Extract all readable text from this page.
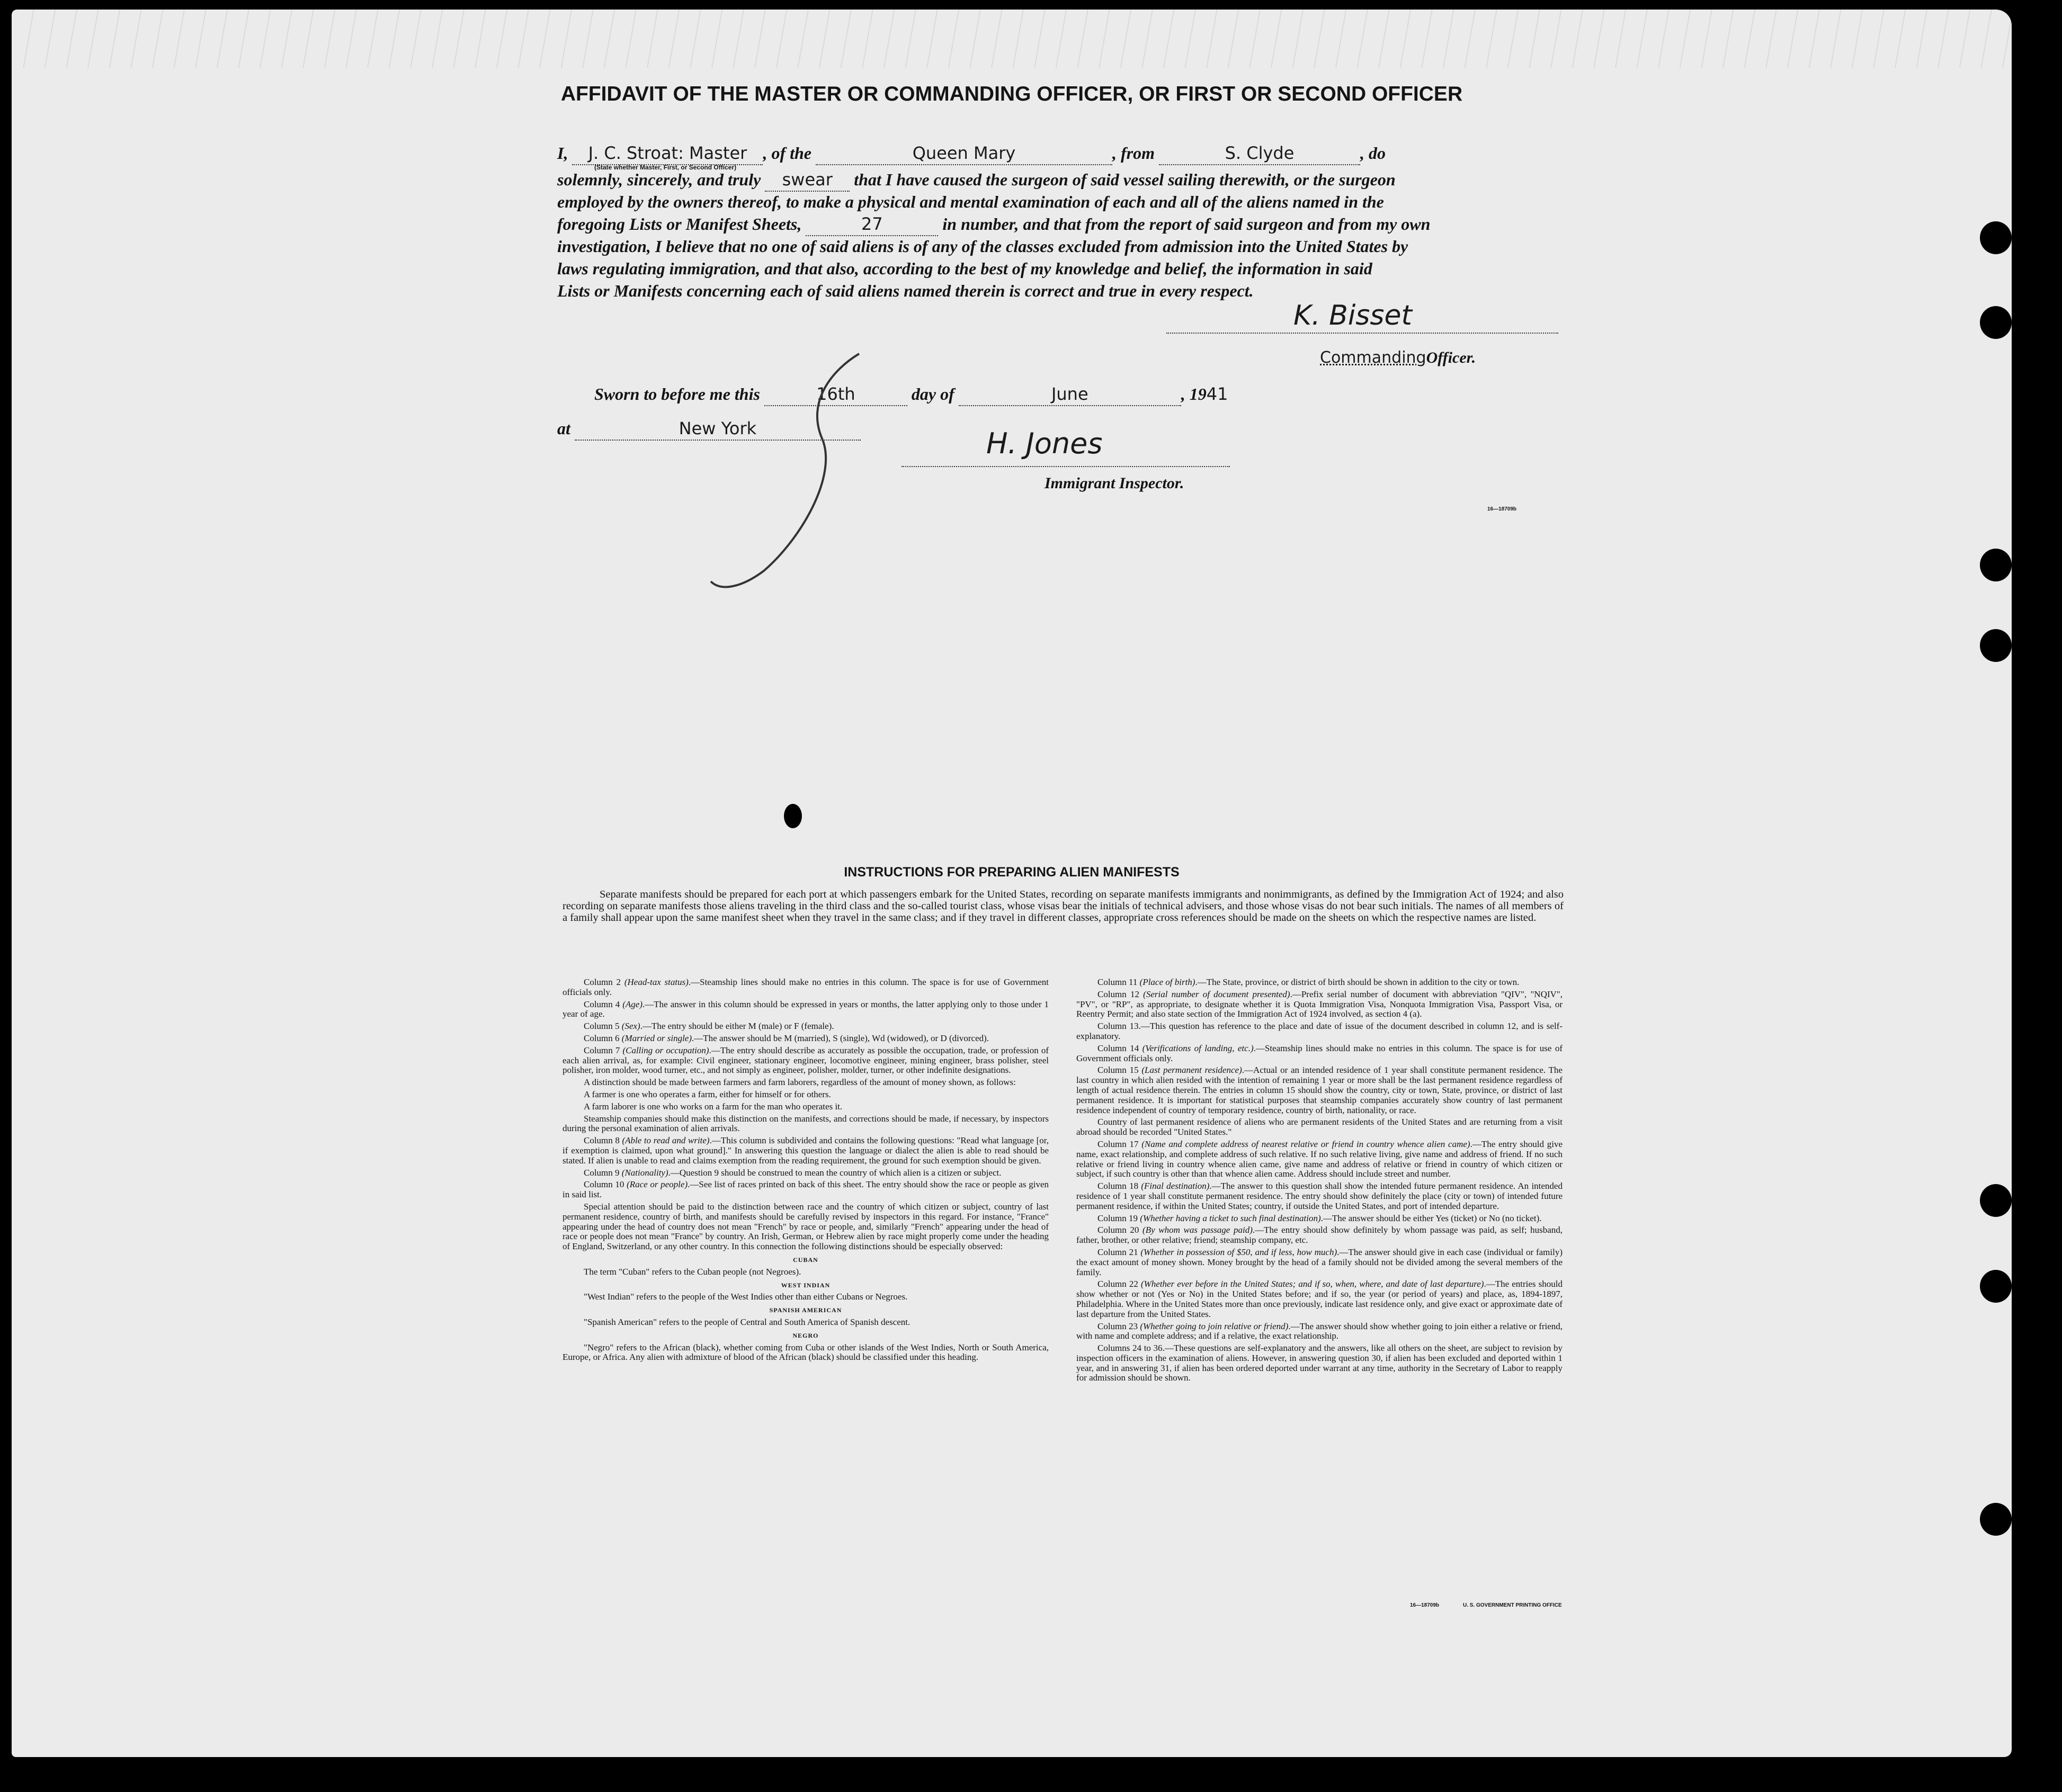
AFFIDAVIT OF THE MASTER OR COMMANDING OFFICER, OR FIRST OR SECOND OFFICER
I, J. C. Stroat: Master , of the	Queen Mary	, from	S. Clyde	, do
(State whether Master, First, or Second Officer)
solemnly, sincerely, and truly swear that I have caused the surgeon of said vessel sailing therewith, or the surgeon
employed by the owners thereof, to make a physical and mental examination of each and all of the aliens named in the
foregoing Lists or Manifest Sheets,	27	in number, and that from the report of said surgeon and from my own
investigation, I believe that no one of said aliens is of any of the classes excluded from admission into the United States by
laws regulating immigration, and that also, according to the best of my knowledge and belief, the information in said
Lists or Manifests concerning each of said aliens named therein is correct and true in every respect.
K. Bisset
CommandingOfficer.
Sworn to before me this	16th	day of	June	, 1941
at	New York	H. Jones
Immigrant Inspector.
16—18709b
INSTRUCTIONS FOR PREPARING ALIEN MANIFESTS
Separate manifests should be prepared for each port at which passengers embark for the United States, recording on separate manifests immigrants and nonimmigrants, as defined by the Immigration Act of 1924; and also recording on separate manifests those aliens traveling in the third class and the so-called tourist class, whose visas bear the initials of technical advisers, and those whose visas do not bear such initials. The names of all members of a family shall appear upon the same manifest sheet when they travel in the same class; and if they travel in different classes, appropriate cross references should be made on the sheets on which the respective names are listed.

Column 2 (Head-tax status).—Steamship lines should make no entries in this column. The space is for use of Government officials only.

Column 4 (Age).—The answer in this column should be expressed in years or months, the latter applying only to those under 1 year of age.

Column 5 (Sex).—The entry should be either M (male) or F (female).

Column 6 (Married or single).—The answer should be M (married), S (single), Wd (widowed), or D (divorced).

Column 7 (Calling or occupation).—The entry should describe as accurately as possible the occupation, trade, or profession of each alien arrival, as, for example: Civil engineer, stationary engineer, locomotive engineer, mining engineer, brass polisher, steel polisher, iron molder, wood turner, etc., and not simply as engineer, polisher, molder, turner, or other indefinite designations.

A distinction should be made between farmers and farm laborers, regardless of the amount of money shown, as follows:

A farmer is one who operates a farm, either for himself or for others.

A farm laborer is one who works on a farm for the man who operates it.

Steamship companies should make this distinction on the manifests, and corrections should be made, if necessary, by inspectors during the personal examination of alien arrivals.

Column 8 (Able to read and write).—This column is subdivided and contains the following questions: "Read what language [or, if exemption is claimed, upon what ground]." In answering this question the language or dialect the alien is able to read should be stated. If alien is unable to read and claims exemption from the reading requirement, the ground for such exemption should be given.

Column 9 (Nationality).—Question 9 should be construed to mean the country of which alien is a citizen or subject.

Column 10 (Race or people).—See list of races printed on back of this sheet. The entry should show the race or people as given in said list.

Special attention should be paid to the distinction between race and the country of which citizen or subject, country of last permanent residence, country of birth, and manifests should be carefully revised by inspectors in this regard. For instance, "France" appearing under the head of country does not mean "French" by race or people, and, similarly "French" appearing under the head of race or people does not mean "France" by country. An Irish, German, or Hebrew alien by race might properly come under the heading of England, Switzerland, or any other country. In this connection the following distinctions should be especially observed:

CUBAN

The term "Cuban" refers to the Cuban people (not Negroes).

WEST INDIAN

"West Indian" refers to the people of the West Indies other than either Cubans or Negroes.

SPANISH AMERICAN

"Spanish American" refers to the people of Central and South America of Spanish descent.

NEGRO

"Negro" refers to the African (black), whether coming from Cuba or other islands of the West Indies, North or South America, Europe, or Africa. Any alien with admixture of blood of the African (black) should be classified under this heading.

Column 11 (Place of birth).—The State, province, or district of birth should be shown in addition to the city or town.

Column 12 (Serial number of document presented).—Prefix serial number of document with abbreviation "QIV", "NQIV", "PV", or "RP", as appropriate, to designate whether it is Quota Immigration Visa, Nonquota Immigration Visa, Passport Visa, or Reentry Permit; and also state section of the Immigration Act of 1924 involved, as section 4 (a).

Column 13.—This question has reference to the place and date of issue of the document described in column 12, and is self-explanatory.

Column 14 (Verifications of landing, etc.).—Steamship lines should make no entries in this column. The space is for use of Government officials only.

Column 15 (Last permanent residence).—Actual or an intended residence of 1 year shall constitute permanent residence. The last country in which alien resided with the intention of remaining 1 year or more shall be the last permanent residence regardless of length of actual residence therein. The entries in column 15 should show the country, city or town, State, province, or district of last permanent residence. It is important for statistical purposes that steamship companies accurately show country of last permanent residence independent of country of temporary residence, country of birth, nationality, or race.

Country of last permanent residence of aliens who are permanent residents of the United States and are returning from a visit abroad should be recorded "United States."

Column 17 (Name and complete address of nearest relative or friend in country whence alien came).—The entry should give name, exact relationship, and complete address of such relative. If no such relative living, give name and address of friend. If no such relative or friend living in country whence alien came, give name and address of relative or friend in country of which citizen or subject, if such country is other than that whence alien came. Address should include street and number.

Column 18 (Final destination).—The answer to this question shall show the intended future permanent residence. An intended residence of 1 year shall constitute permanent residence. The entry should show definitely the place (city or town) of intended future permanent residence, if within the United States; country, if outside the United States, and port of intended departure.

Column 19 (Whether having a ticket to such final destination).—The answer should be either Yes (ticket) or No (no ticket).

Column 20 (By whom was passage paid).—The entry should show definitely by whom passage was paid, as self; husband, father, brother, or other relative; friend; steamship company, etc.

Column 21 (Whether in possession of $50, and if less, how much).—The answer should give in each case (individual or family) the exact amount of money shown. Money brought by the head of a family should not be divided among the several members of the family.

Column 22 (Whether ever before in the United States; and if so, when, where, and date of last departure).—The entries should show whether or not (Yes or No) in the United States before; and if so, the year (or period of years) and place, as, 1894-1897, Philadelphia. Where in the United States more than once previously, indicate last residence only, and give exact or approximate date of last departure from the United States.

Column 23 (Whether going to join relative or friend).—The answer should show whether going to join either a relative or friend, with name and complete address; and if a relative, the exact relationship.

Columns 24 to 36.—These questions are self-explanatory and the answers, like all others on the sheet, are subject to revision by inspection officers in the examination of aliens. However, in answering question 30, if alien has been excluded and deported within 1 year, and in answering 31, if alien has been ordered deported under warrant at any time, authority in the Secretary of Labor to reapply for admission should be shown.

16—18709b	U. S. GOVERNMENT PRINTING OFFICE
